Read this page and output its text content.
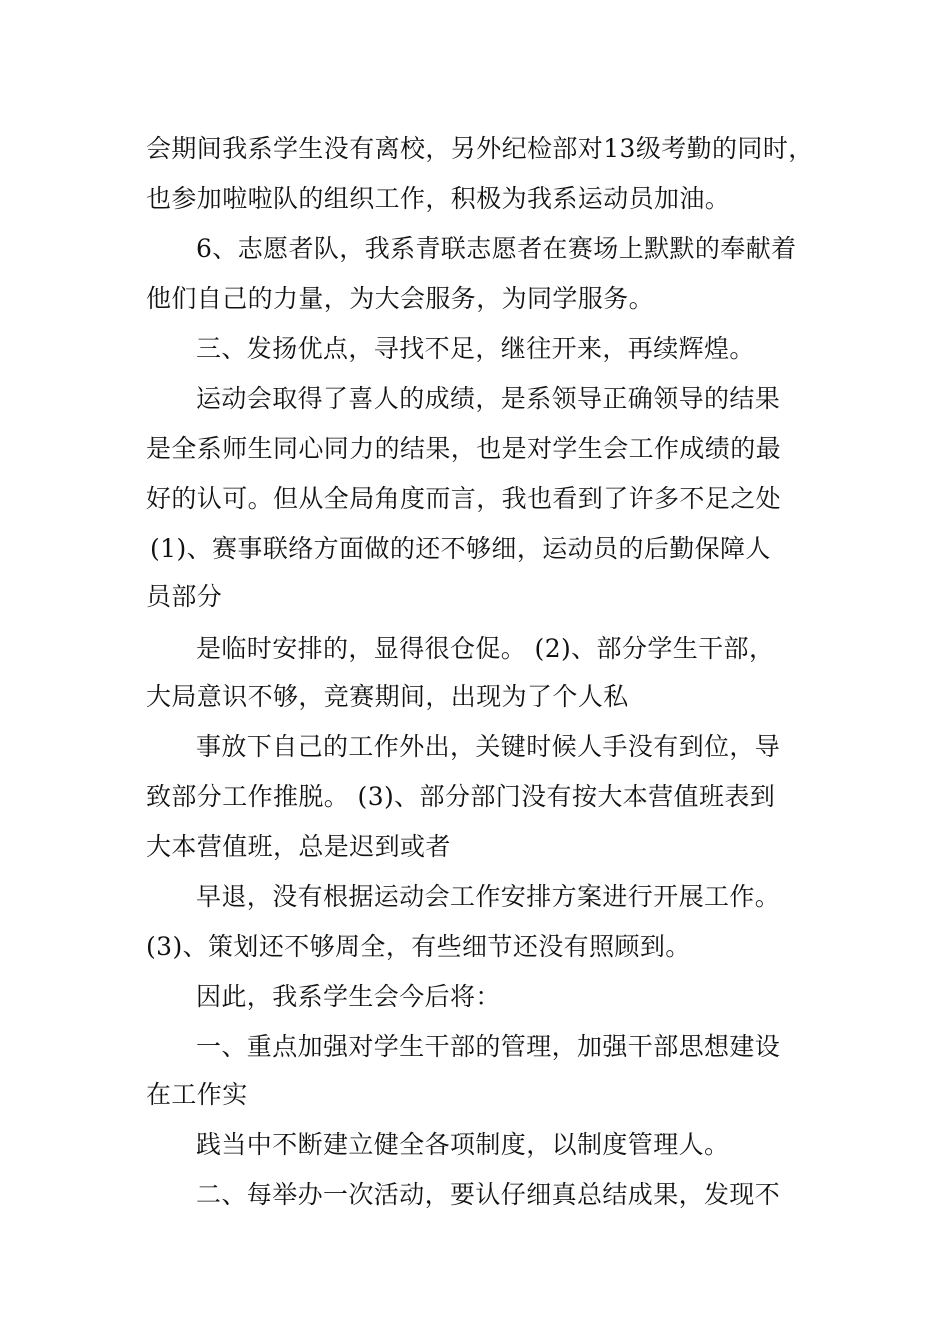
会期间我系学生没有离校，另外纪检部对13级考勤的同时，
也参加啦啦队的组织工作，积极为我系运动员加油。
6、志愿者队，我系青联志愿者在赛场上默默的奉献着
他们自己的力量，为大会服务，为同学服务。
三、发扬优点，寻找不足，继往开来，再续辉煌。
运动会取得了喜人的成绩，是系领导正确领导的结果
是全系师生同心同力的结果，也是对学生会工作成绩的最
好的认可。但从全局角度而言，我也看到了许多不足之处
(1)、赛事联络方面做的还不够细，运动员的后勤保障人
员部分
是临时安排的，显得很仓促。 (2)、部分学生干部，
大局意识不够，竞赛期间，出现为了个人私
事放下自己的工作外出，关键时候人手没有到位，导
致部分工作推脱。 (3)、部分部门没有按大本营值班表到
大本营值班，总是迟到或者
早退，没有根据运动会工作安排方案进行开展工作。
(3)、策划还不够周全，有些细节还没有照顾到。
因此，我系学生会今后将：
一、重点加强对学生干部的管理，加强干部思想建设
在工作实
践当中不断建立健全各项制度，以制度管理人。
二、每举办一次活动，要认仔细真总结成果，发现不
